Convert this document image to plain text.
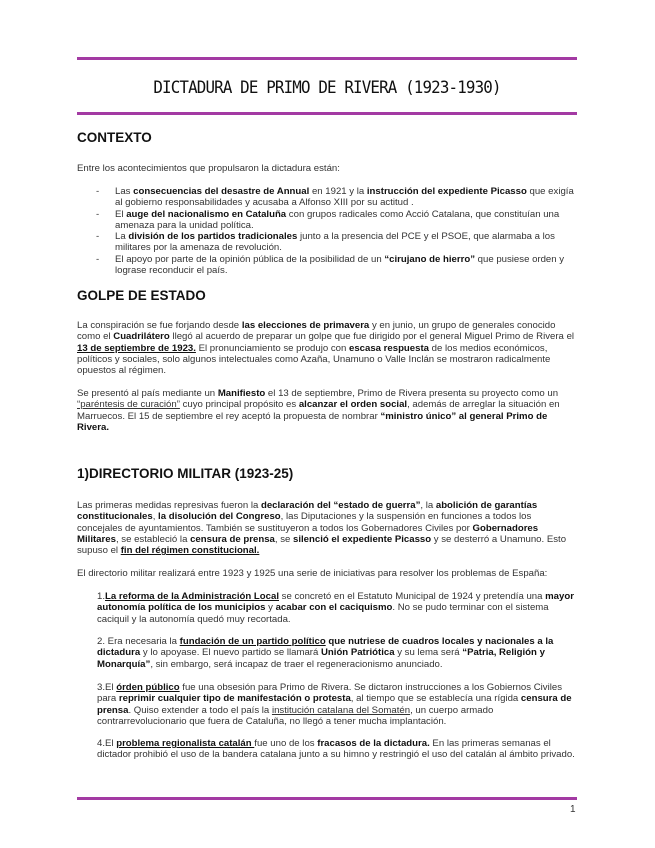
DICTADURA DE PRIMO DE RIVERA (1923-1930)
CONTEXTO

Entre los acontecimientos que propulsaron la dictadura están:

- Las consecuencias del desastre de Annual en 1921 y la instrucción del expediente Picasso que exigía al gobierno responsabilidades y acusaba a Alfonso XIII por su actitud .
- El auge del nacionalismo en Cataluña con grupos radicales como Acció Catalana, que constituían una amenaza para la unidad política.
- La división de los partidos tradicionales junto a la presencia del PCE y el PSOE, que alarmaba a los militares por la amenaza de revolución.
- El apoyo por parte de la opinión pública de la posibilidad de un “cirujano de hierro” que pusiese orden y lograse reconducir el país.
GOLPE DE ESTADO

La conspiración se fue forjando desde las elecciones de primavera y en junio, un grupo de generales conocido como el Cuadrilátero llegó al acuerdo de preparar un golpe que fue dirigido por el general Miguel Primo de Rivera el 13 de septiembre de 1923. El pronunciamiento se produjo con escasa respuesta de los medios económicos, políticos y sociales, solo algunos intelectuales como Azaña, Unamuno o Valle Inclán se mostraron radicalmente opuestos al régimen.

Se presentó al país mediante un Manifiesto el 13 de septiembre, Primo de Rivera presenta su proyecto como un “paréntesis de curación” cuyo principal propósito es alcanzar el orden social, además de arreglar la situación en Marruecos. El 15 de septiembre el rey aceptó la propuesta de nombrar “ministro único” al general Primo de Rivera.

1)DIRECTORIO MILITAR (1923-25)

Las primeras medidas represivas fueron la declaración del “estado de guerra”, la abolición de garantías constitucionales, la disolución del Congreso, las Diputaciones y la suspensión en funciones a todos los concejales de ayuntamientos. También se sustituyeron a todos los Gobernadores Civiles por Gobernadores Militares, se estableció la censura de prensa, se silenció el expediente Picasso y se desterró a Unamuno. Esto supuso el fin del régimen constitucional.

El directorio militar realizará entre 1923 y 1925 una serie de iniciativas para resolver los problemas de España:

1.La reforma de la Administración Local se concretó en el Estatuto Municipal de 1924 y pretendía una mayor autonomía política de los municipios y acabar con el caciquismo. No se pudo terminar con el sistema caciquil y la autonomía quedó muy recortada.

2. Era necesaria la fundación de un partido político que nutriese de cuadros locales y nacionales a la dictadura y lo apoyase. El nuevo partido se llamará Unión Patriótica y su lema será “Patria, Religión y Monarquía”, sin embargo, será incapaz de traer el regeneracionismo anunciado.

3.El órden público fue una obsesión para Primo de Rivera. Se dictaron instrucciones a los Gobiernos Civiles para reprimir cualquier tipo de manifestación o protesta, al tiempo que se establecía una rígida censura de prensa. Quiso extender a todo el país la institución catalana del Somatén, un cuerpo armado contrarrevolucionario que fuera de Cataluña, no llegó a tener mucha implantación.

4.El problema regionalista catalán fue uno de los fracasos de la dictadura. En las primeras semanas el dictador prohibió el uso de la bandera catalana junto a su himno y restringió el uso del catalán al ámbito privado.

1
